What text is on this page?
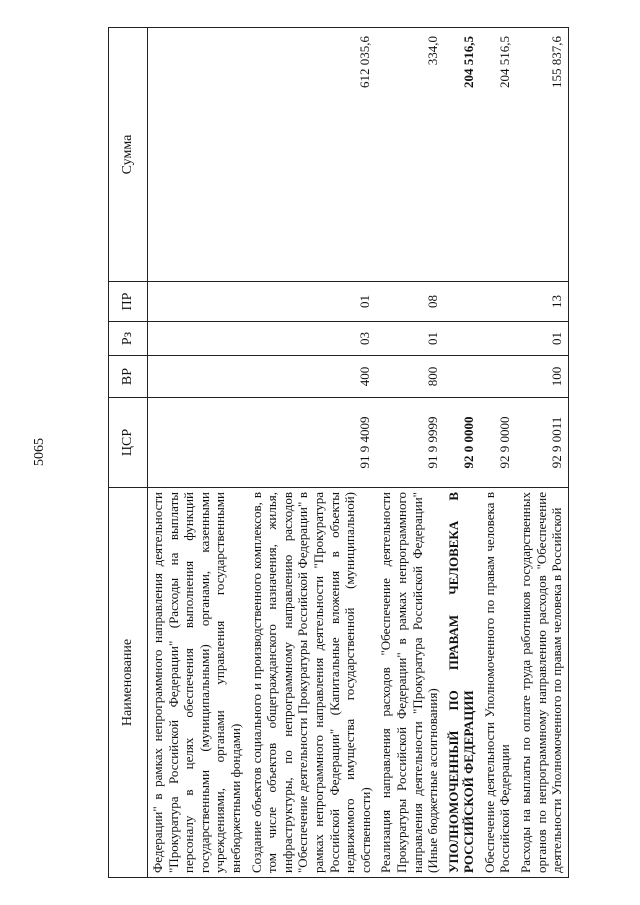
5065
Наименование	ЦСР	ВР	Рз	ПР	Сумма
Федерации" в рамках непрограммного направления деятельности "Прокуратура Российской Федерации" (Расходы на выплаты персоналу в целях обеспечения выполнения функций государственными (муниципальными) органами, казенными учреждениями, органами управления государственными внебюджетными фондами)					
Создание объектов социального и производственного комплексов, в том числе объектов общегражданского назначения, жилья, инфраструктуры, по непрограммному направлению расходов "Обеспечение деятельности Прокуратуры Российской Федерации" в рамках непрограммного направления деятельности "Прокуратура Российской Федерации" (Капитальные вложения в объекты недвижимого имущества государственной (муниципальной) собственности)	91 9 4009	400	03	01	612 035,6
Реализация направления расходов "Обеспечение деятельности Прокуратуры Российской Федерации" в рамках непрограммного направления деятельности "Прокуратура Российской Федерации" (Иные бюджетные ассигнования)	91 9 9999	800	01	08	334,0
УПОЛНОМОЧЕННЫЙ ПО ПРАВАМ ЧЕЛОВЕКА В РОССИЙСКОЙ ФЕДЕРАЦИИ	92 0 0000				204 516,5
Обеспечение деятельности Уполномоченного по правам человека в Российской Федерации	92 9 0000				204 516,5
Расходы на выплаты по оплате труда работников государственных органов по непрограммному направлению расходов "Обеспечение деятельности Уполномоченного по правам человека в Российской	92 9 0011	100	01	13	155 837,6
